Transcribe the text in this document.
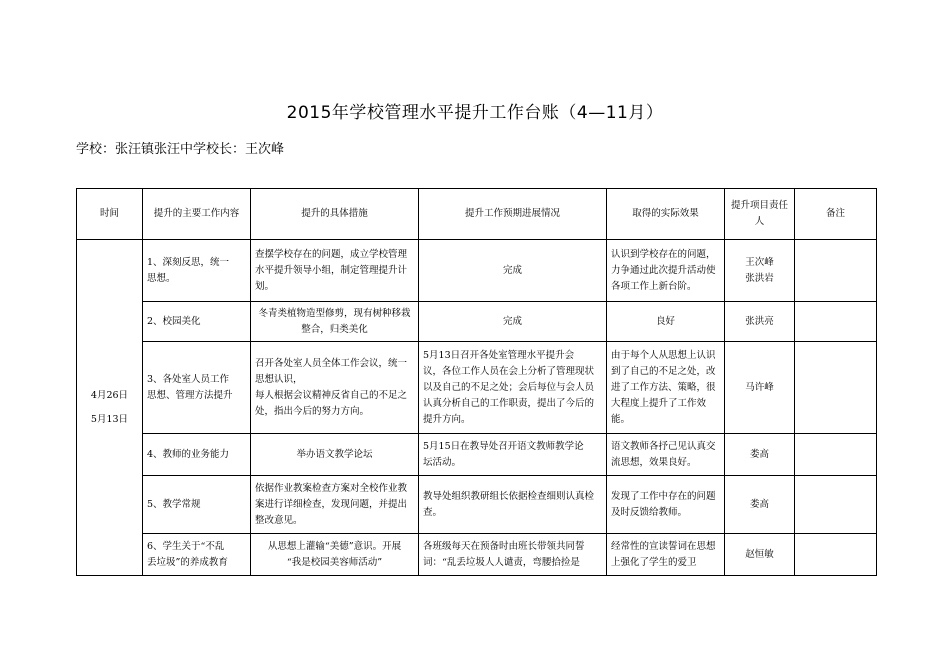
2015年学校管理水平提升工作台账（4—11月）
学校：张汪镇张汪中学校长：王次峰
时间	提升的主要工作内容	提升的具体措施	提升工作预期进展情况	取得的实际效果	提升项目责任
人	备注

4月26日
5月13日	1、深刻反思，统一
思想。	查摆学校存在的问题，成立学校管理
水平提升领导小组，制定管理提升计
划。	完成	认识到学校存在的问题，
力争通过此次提升活动使
各项工作上新台阶。	王次峰
张洪岩	
	2、校园美化	冬青类植物造型修剪，现有树种移栽
整合，归类美化	完成	良好	张洪亮	
	3、各处室人员工作
思想、管理方法提升	召开各处室人员全体工作会议，统一
思想认识，
每人根据会议精神反省自己的不足之
处，指出今后的努力方向。	5月13日召开各处室管理水平提升会
议，各位工作人员在会上分析了管理现状
以及自己的不足之处；会后每位与会人员
认真分析自己的工作职责，提出了今后的
提升方向。	由于每个人从思想上认识
到了自己的不足之处，改
进了工作方法、策略，很
大程度上提升了工作效
能。	马许峰	
	4、教师的业务能力	举办语文教学论坛	5月15日在教导处召开语文教师教学论
坛活动。	语文教师各抒己见认真交
流思想，效果良好。	娄高	
	5、教学常规	依据作业教案检查方案对全校作业教
案进行详细检查，发现问题，并提出
整改意见。	教导处组织教研组长依据检查细则认真检
查。	发现了工作中存在的问题
及时反馈给教师。	娄高	
	6、学生关于“不乱
丢垃圾”的养成教育	从思想上灌输“美德”意识。开展
“我是校园美容师活动”	各班级每天在预备时由班长带领共同誓
词：“乱丢垃圾人人谴责，弯腰拾捡是	经常性的宣读誓词在思想
上强化了学生的爱卫	赵恒敏	
